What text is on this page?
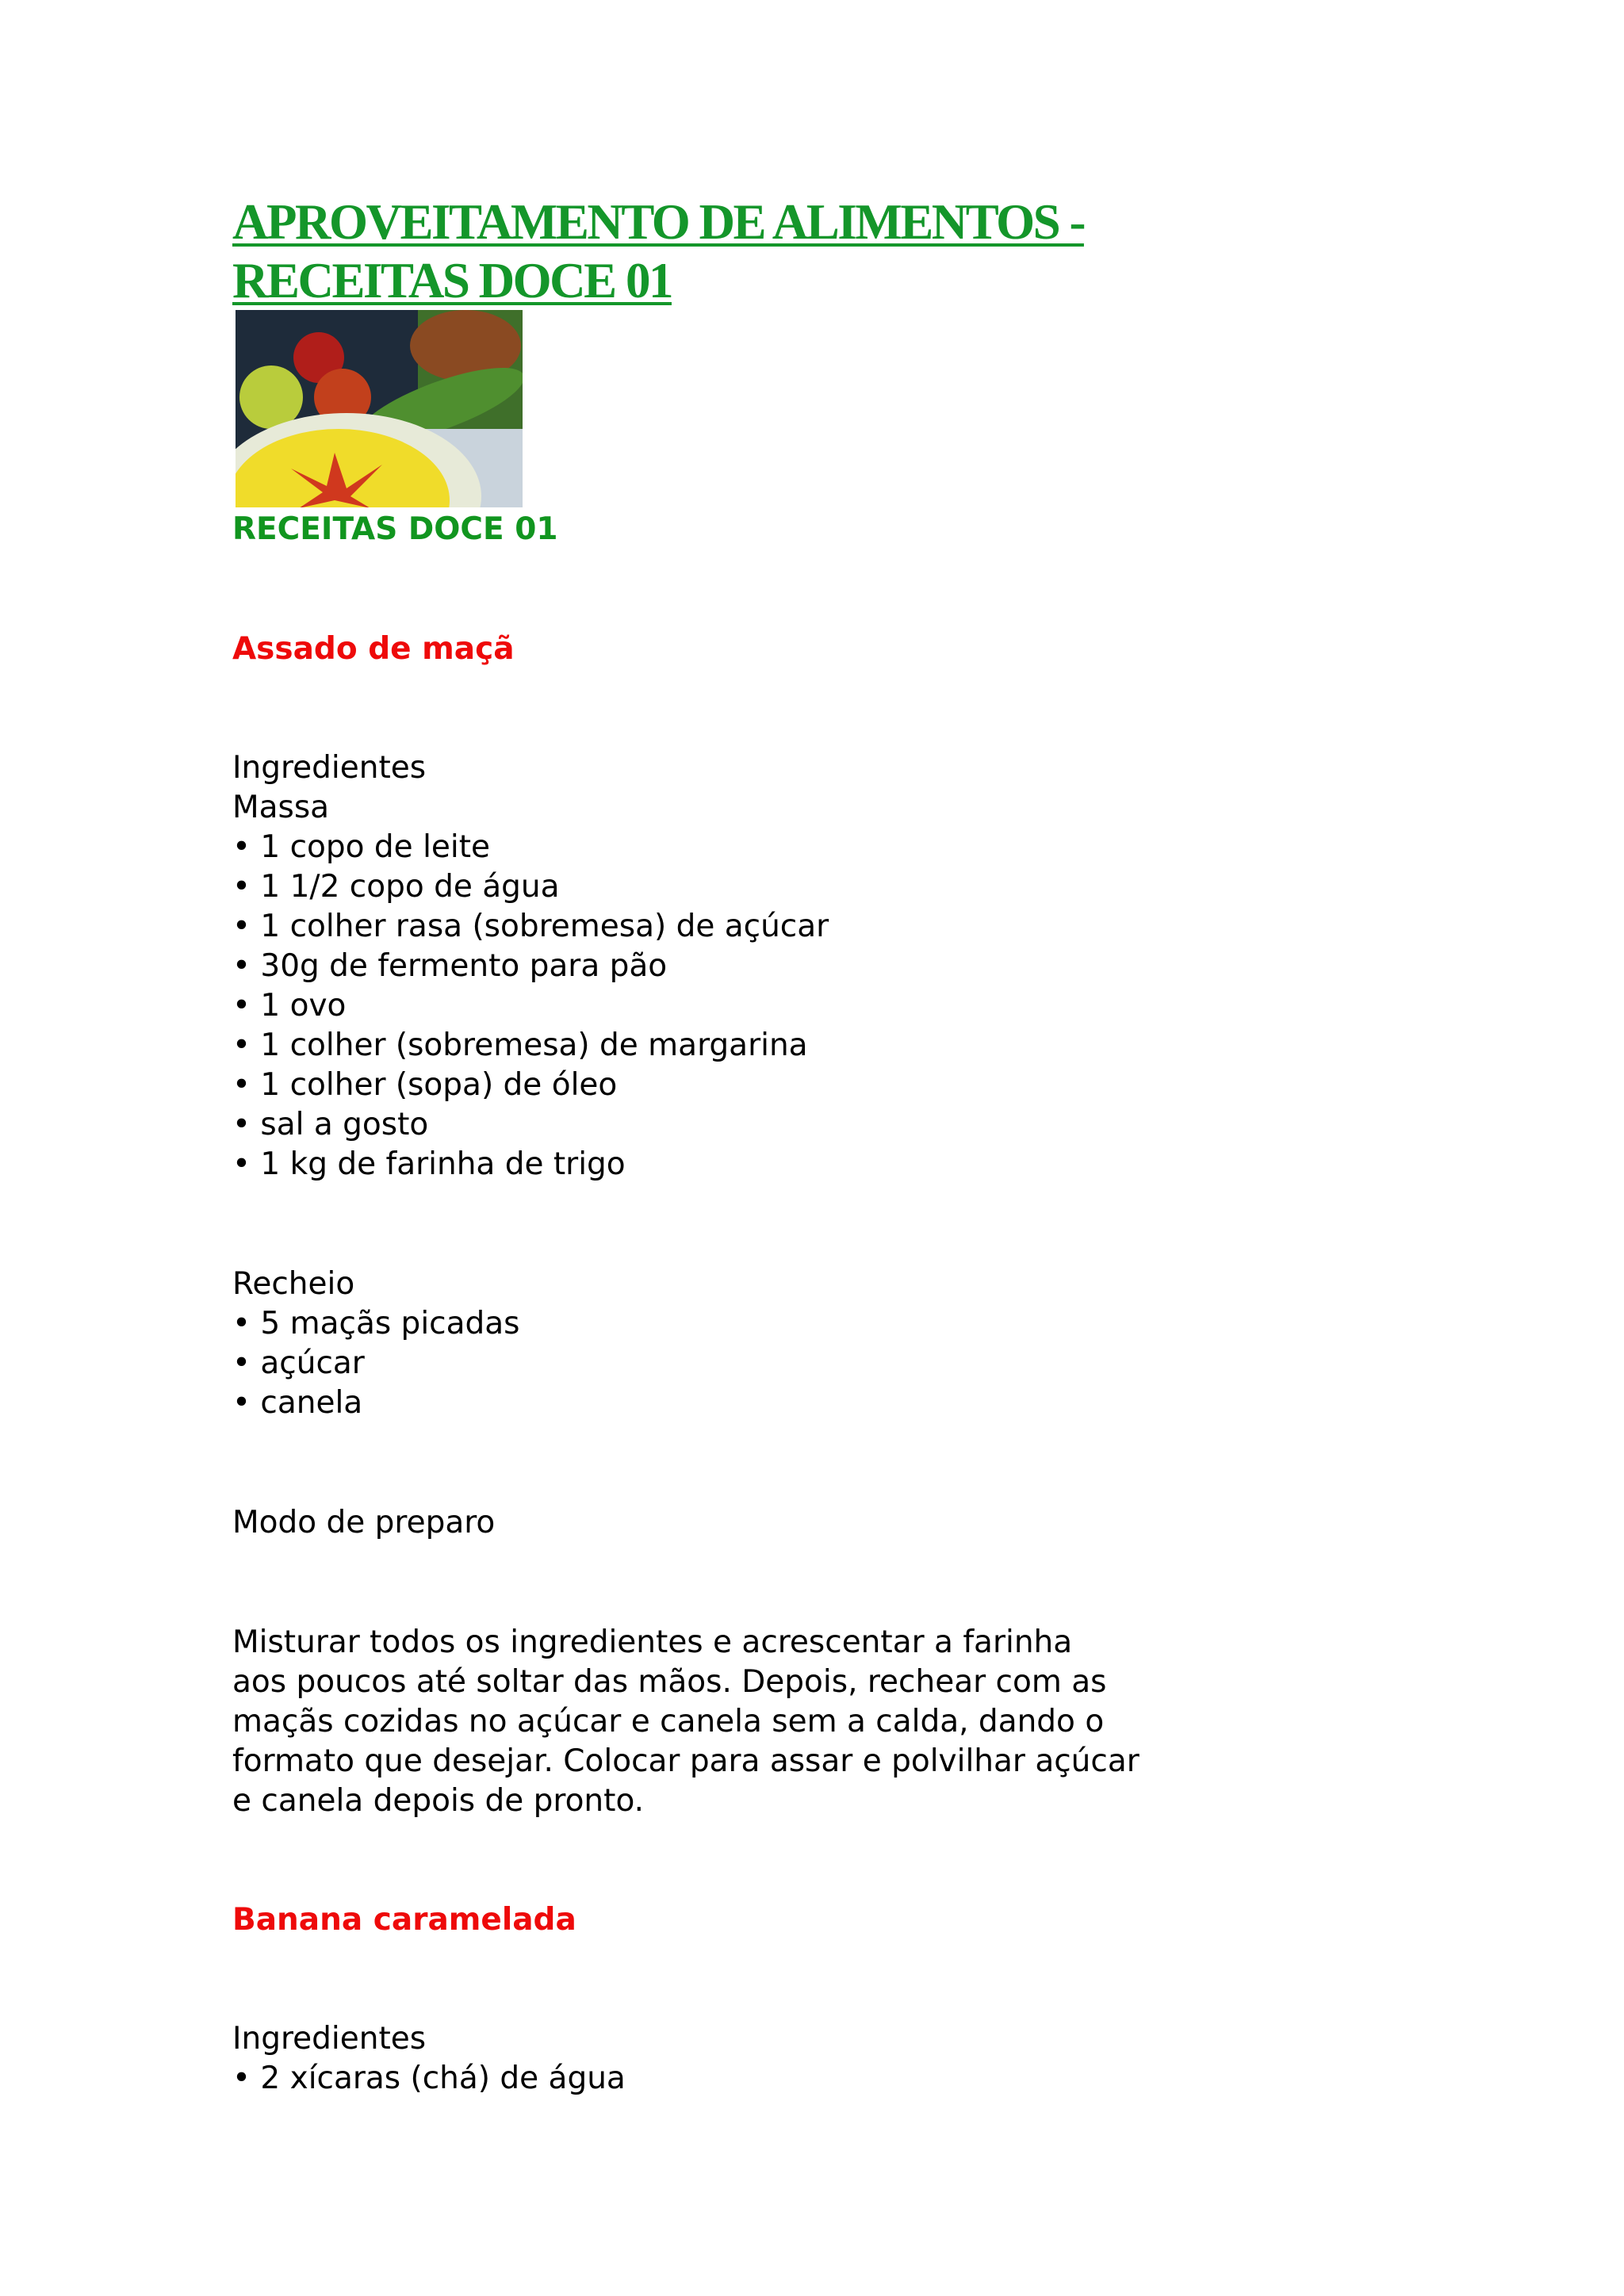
APROVEITAMENTO DE ALIMENTOS -
RECEITAS DOCE 01
RECEITAS DOCE 01
Assado de maçã
Ingredientes
Massa
• 1 copo de leite
• 1 1/2 copo de água
• 1 colher rasa (sobremesa) de açúcar
• 30g de fermento para pão
• 1 ovo
• 1 colher (sobremesa) de margarina
• 1 colher (sopa) de óleo
• sal a gosto
• 1 kg de farinha de trigo
Recheio
• 5 maçãs picadas
• açúcar
• canela
Modo de preparo
Misturar todos os ingredientes e acrescentar a farinha
aos poucos até soltar das mãos. Depois, rechear com as
maçãs cozidas no açúcar e canela sem a calda, dando o
formato que desejar. Colocar para assar e polvilhar açúcar
e canela depois de pronto.
Banana caramelada
Ingredientes
• 2 xícaras (chá) de água
